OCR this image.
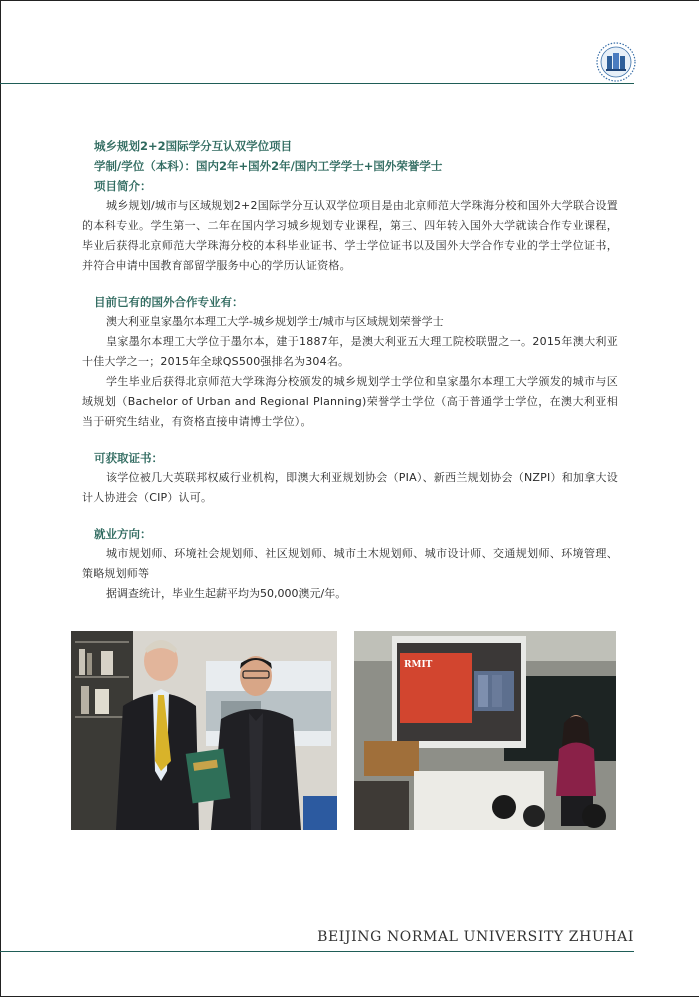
城乡规划2+2国际学分互认双学位项目
学制/学位（本科）：国内2年+国外2年/国内工学学士+国外荣誉学士
项目简介：
城乡规划/城市与区域规划2+2国际学分互认双学位项目是由北京师范大学珠海分校和国外大学联合设置的本科专业。学生第一、二年在国内学习城乡规划专业课程，第三、四年转入国外大学就读合作专业课程，毕业后获得北京师范大学珠海分校的本科毕业证书、学士学位证书以及国外大学合作专业的学士学位证书，并符合申请中国教育部留学服务中心的学历认证资格。
目前已有的国外合作专业有：
澳大利亚皇家墨尔本理工大学-城乡规划学士/城市与区域规划荣誉学士
皇家墨尔本理工大学位于墨尔本，建于1887年，是澳大利亚五大理工院校联盟之一。2015年澳大利亚十佳大学之一；2015年全球QS500强排名为304名。
学生毕业后获得北京师范大学珠海分校颁发的城乡规划学士学位和皇家墨尔本理工大学颁发的城市与区域规划（Bachelor of Urban and Regional Planning)荣誉学士学位（高于普通学士学位，在澳大利亚相当于研究生结业，有资格直接申请博士学位）。
可获取证书：
该学位被几大英联邦权威行业机构，即澳大利亚规划协会（PIA）、新西兰规划协会（NZPI）和加拿大设计人协进会（CIP）认可。
就业方向：
城市规划师、环境社会规划师、社区规划师、城市土木规划师、城市设计师、交通规划师、环境管理、策略规划师等
据调查统计，毕业生起薪平均为50,000澳元/年。
RMIT
BEIJING NORMAL UNIVERSITY ZHUHAI
